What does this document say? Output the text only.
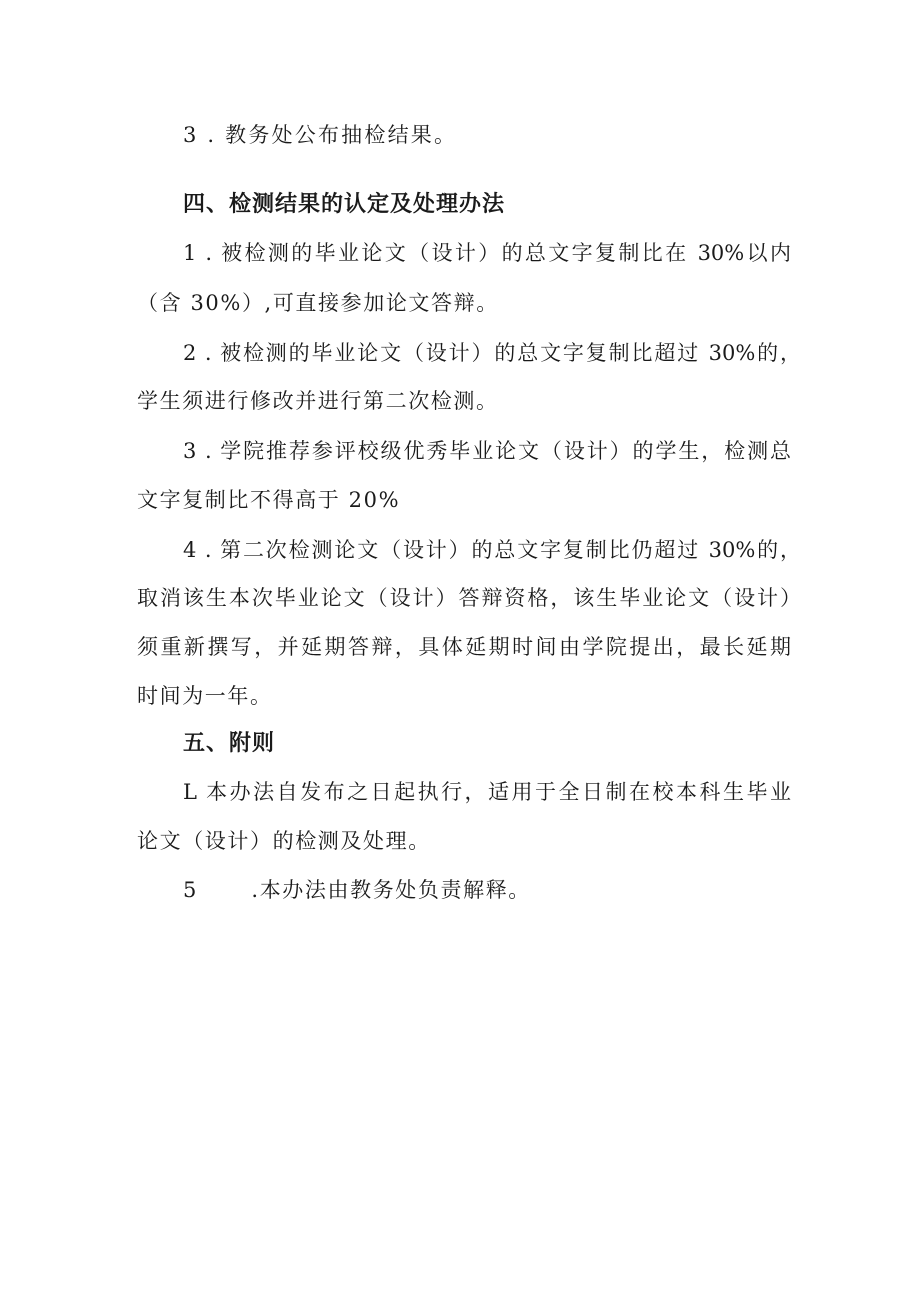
3 . 教务处公布抽检结果。
四、检测结果的认定及处理办法
1 . 被检测的毕业论文（设计）的总文字复制比在 30%以内
（含 30%）,可直接参加论文答辩。
2 . 被检测的毕业论文（设计）的总文字复制比超过 30%的，
学生须进行修改并进行第二次检测。
3 . 学院推荐参评校级优秀毕业论文（设计）的学生，检测总
文字复制比不得高于 20%
4 . 第二次检测论文（设计）的总文字复制比仍超过 30%的，
取消该生本次毕业论文（设计）答辩资格，该生毕业论文（设计）
须重新撰写，并延期答辩，具体延期时间由学院提出，最长延期
时间为一年。
五、附则
L 本办法自发布之日起执行，适用于全日制在校本科生毕业
论文（设计）的检测及处理。
5 　　.本办法由教务处负责解释。
